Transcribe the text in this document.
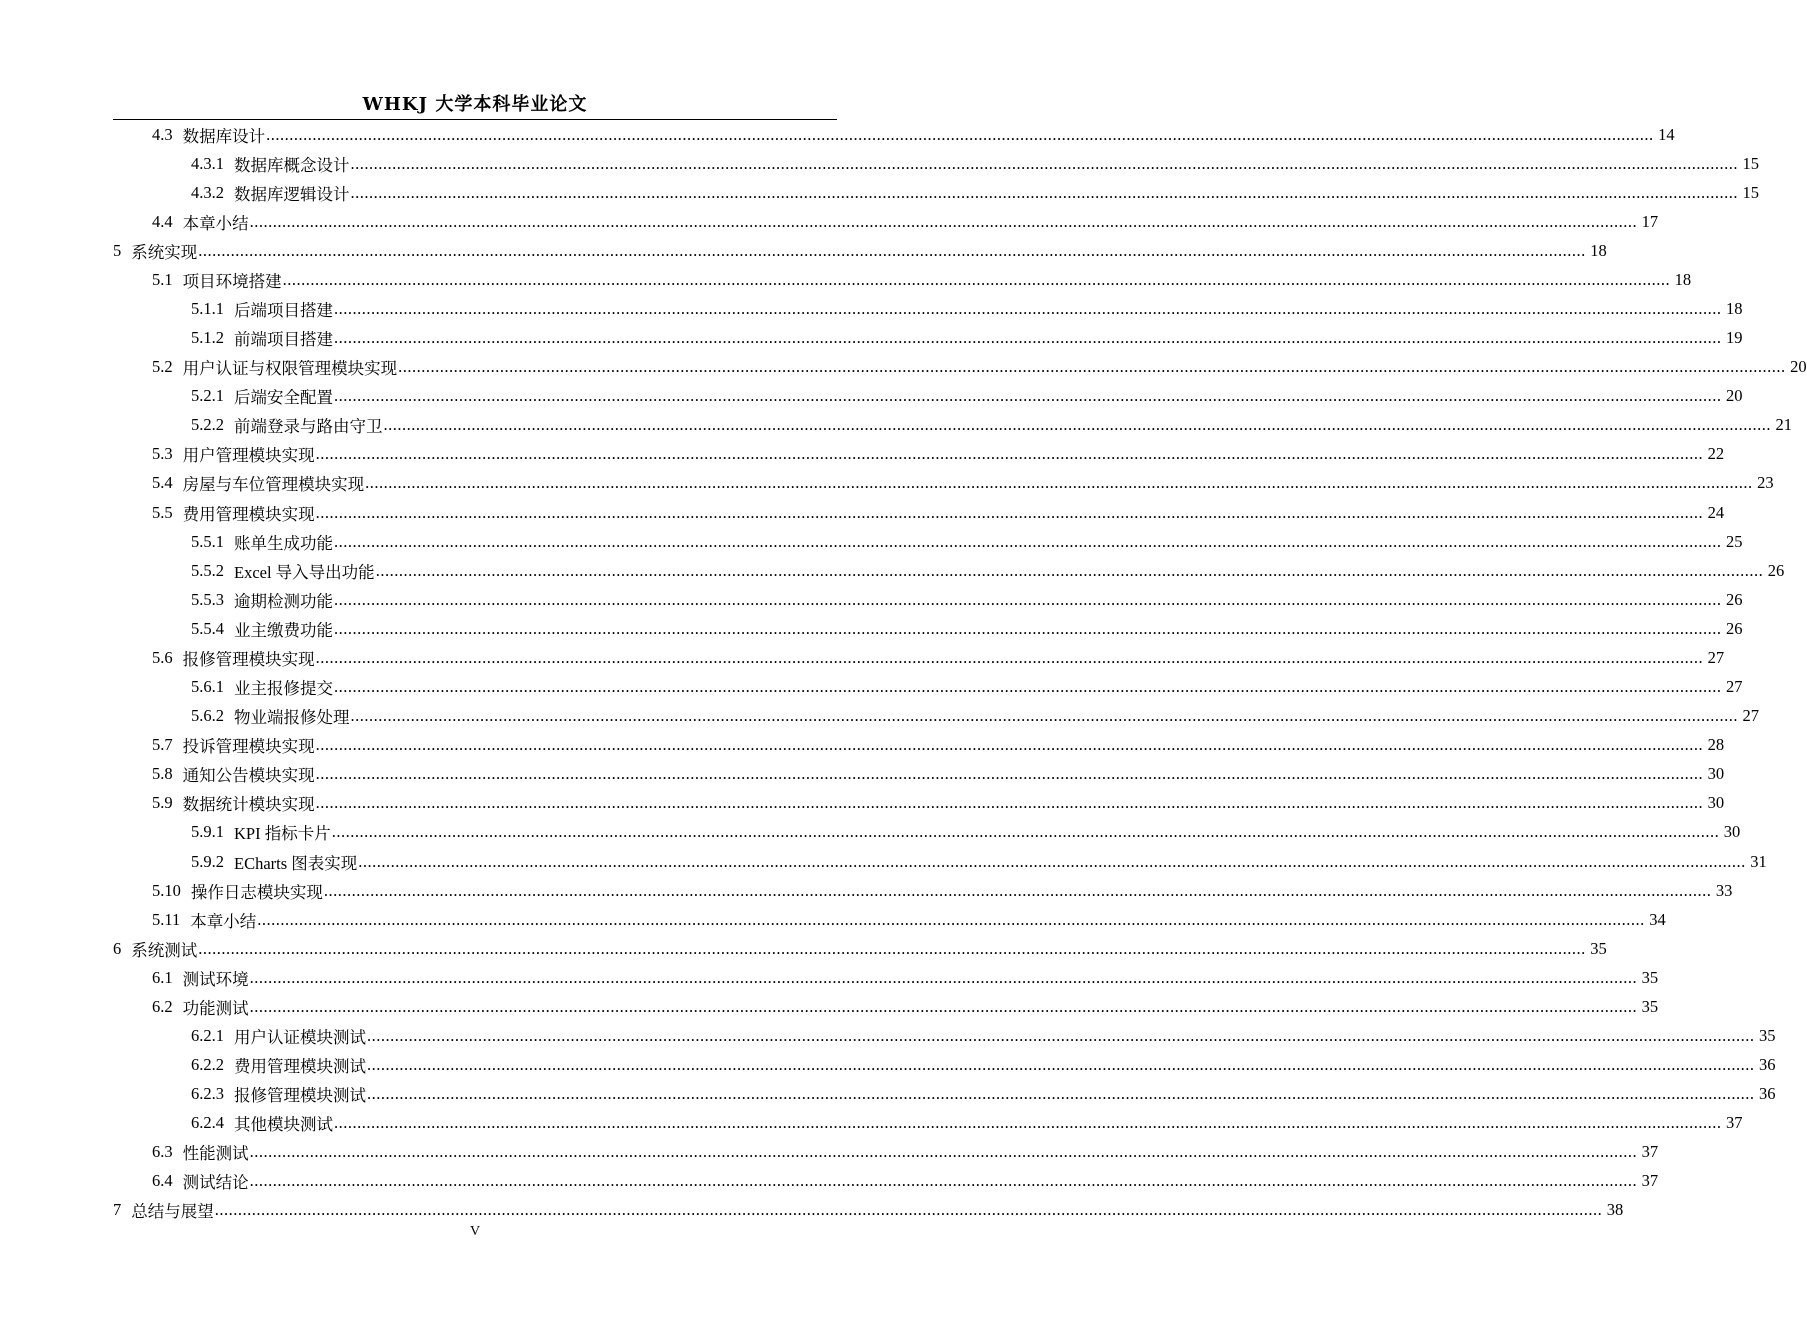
WHKJ 大学本科毕业论文
4.3 数据库设计 ............................................................................................................................................................................................................................................................................................................ 14
4.3.1 数据库概念设计 ............................................................................................................................................................................................................................................................................................................ 15
4.3.2 数据库逻辑设计 ............................................................................................................................................................................................................................................................................................................ 15
4.4 本章小结 ............................................................................................................................................................................................................................................................................................................ 17
5 系统实现 ............................................................................................................................................................................................................................................................................................................ 18
5.1 项目环境搭建 ............................................................................................................................................................................................................................................................................................................ 18
5.1.1 后端项目搭建 ............................................................................................................................................................................................................................................................................................................ 18
5.1.2 前端项目搭建 ............................................................................................................................................................................................................................................................................................................ 19
5.2 用户认证与权限管理模块实现 ............................................................................................................................................................................................................................................................................................................ 20
5.2.1 后端安全配置 ............................................................................................................................................................................................................................................................................................................ 20
5.2.2 前端登录与路由守卫 ............................................................................................................................................................................................................................................................................................................ 21
5.3 用户管理模块实现 ............................................................................................................................................................................................................................................................................................................ 22
5.4 房屋与车位管理模块实现 ............................................................................................................................................................................................................................................................................................................ 23
5.5 费用管理模块实现 ............................................................................................................................................................................................................................................................................................................ 24
5.5.1 账单生成功能 ............................................................................................................................................................................................................................................................................................................ 25
5.5.2 Excel 导入导出功能 ............................................................................................................................................................................................................................................................................................................ 26
5.5.3 逾期检测功能 ............................................................................................................................................................................................................................................................................................................ 26
5.5.4 业主缴费功能 ............................................................................................................................................................................................................................................................................................................ 26
5.6 报修管理模块实现 ............................................................................................................................................................................................................................................................................................................ 27
5.6.1 业主报修提交 ............................................................................................................................................................................................................................................................................................................ 27
5.6.2 物业端报修处理 ............................................................................................................................................................................................................................................................................................................ 27
5.7 投诉管理模块实现 ............................................................................................................................................................................................................................................................................................................ 28
5.8 通知公告模块实现 ............................................................................................................................................................................................................................................................................................................ 30
5.9 数据统计模块实现 ............................................................................................................................................................................................................................................................................................................ 30
5.9.1 KPI 指标卡片 ............................................................................................................................................................................................................................................................................................................ 30
5.9.2 ECharts 图表实现 ............................................................................................................................................................................................................................................................................................................ 31
5.10 操作日志模块实现 ............................................................................................................................................................................................................................................................................................................ 33
5.11 本章小结 ............................................................................................................................................................................................................................................................................................................ 34
6 系统测试 ............................................................................................................................................................................................................................................................................................................ 35
6.1 测试环境 ............................................................................................................................................................................................................................................................................................................ 35
6.2 功能测试 ............................................................................................................................................................................................................................................................................................................ 35
6.2.1 用户认证模块测试 ............................................................................................................................................................................................................................................................................................................ 35
6.2.2 费用管理模块测试 ............................................................................................................................................................................................................................................................................................................ 36
6.2.3 报修管理模块测试 ............................................................................................................................................................................................................................................................................................................ 36
6.2.4 其他模块测试 ............................................................................................................................................................................................................................................................................................................ 37
6.3 性能测试 ............................................................................................................................................................................................................................................................................................................ 37
6.4 测试结论 ............................................................................................................................................................................................................................................................................................................ 37
7 总结与展望 ............................................................................................................................................................................................................................................................................................................ 38
V
